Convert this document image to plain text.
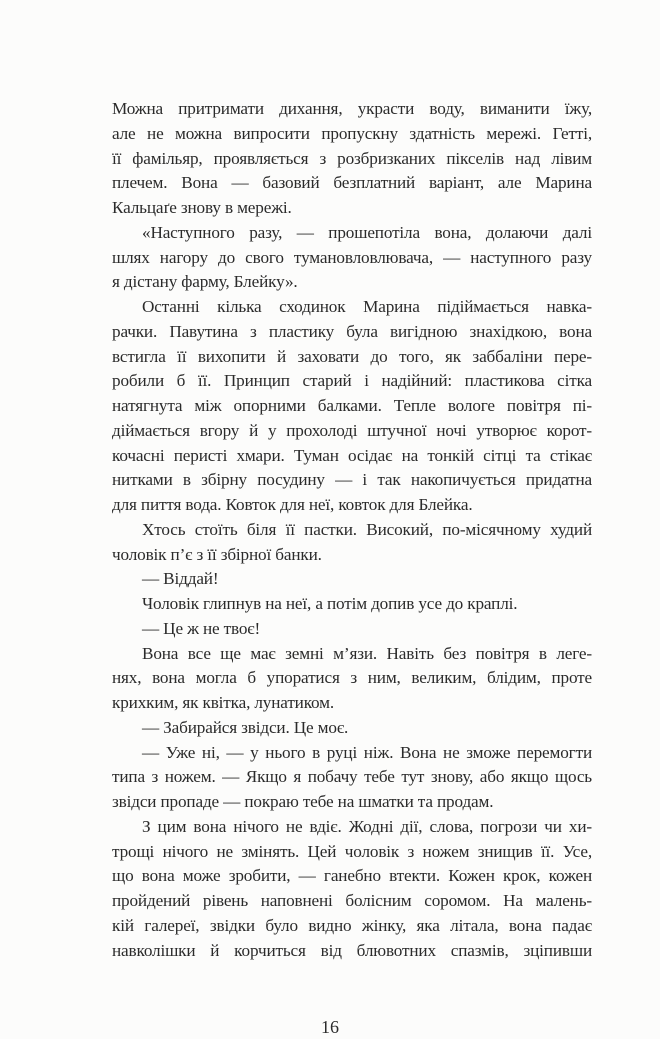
Можна притримати дихання, украсти воду, виманити їжу,
але не можна випросити пропускну здатність мережі. Гетті,
її фамільяр, проявляється з розбризканих пікселів над лівим
плечем. Вона — базовий безплатний варіант, але Марина
Кальцаґе знову в мережі.
«Наступного разу, — прошепотіла вона, долаючи далі
шлях нагору до свого тумановловлювача, — наступного разу
я дістану фарму, Блейку».
Останні кілька сходинок Марина підіймається навка-
рачки. Павутина з пластику була вигідною знахідкою, вона
встигла її вихопити й заховати до того, як заббаліни пере-
робили б її. Принцип старий і надійний: пластикова сітка
натягнута між опорними балками. Тепле вологе повітря пі-
діймається вгору й у прохолоді штучної ночі утворює корот-
кочасні перисті хмари. Туман осідає на тонкій сітці та стікає
нитками в збірну посудину — і так накопичується придатна
для пиття вода. Ковток для неї, ковток для Блейка.
Хтось стоїть біля її пастки. Високий, по-місячному худий
чоловік п’є з її збірної банки.
— Віддай!
Чоловік глипнув на неї, а потім допив усе до краплі.
— Це ж не твоє!
Вона все ще має земні м’язи. Навіть без повітря в леге-
нях, вона могла б упоратися з ним, великим, блідим, проте
крихким, як квітка, лунатиком.
— Забирайся звідси. Це моє.
— Уже ні, — у нього в руці ніж. Вона не зможе перемогти
типа з ножем. — Якщо я побачу тебе тут знову, або якщо щось
звідси пропаде — покраю тебе на шматки та продам.
З цим вона нічого не вдіє. Жодні дії, слова, погрози чи хи-
трощі нічого не змінять. Цей чоловік з ножем знищив її. Усе,
що вона може зробити, — ганебно втекти. Кожен крок, кожен
пройдений рівень наповнені болісним соромом. На малень-
кій галереї, звідки було видно жінку, яка літала, вона падає
навколішки й корчиться від блювотних спазмів, зціпивши
16
